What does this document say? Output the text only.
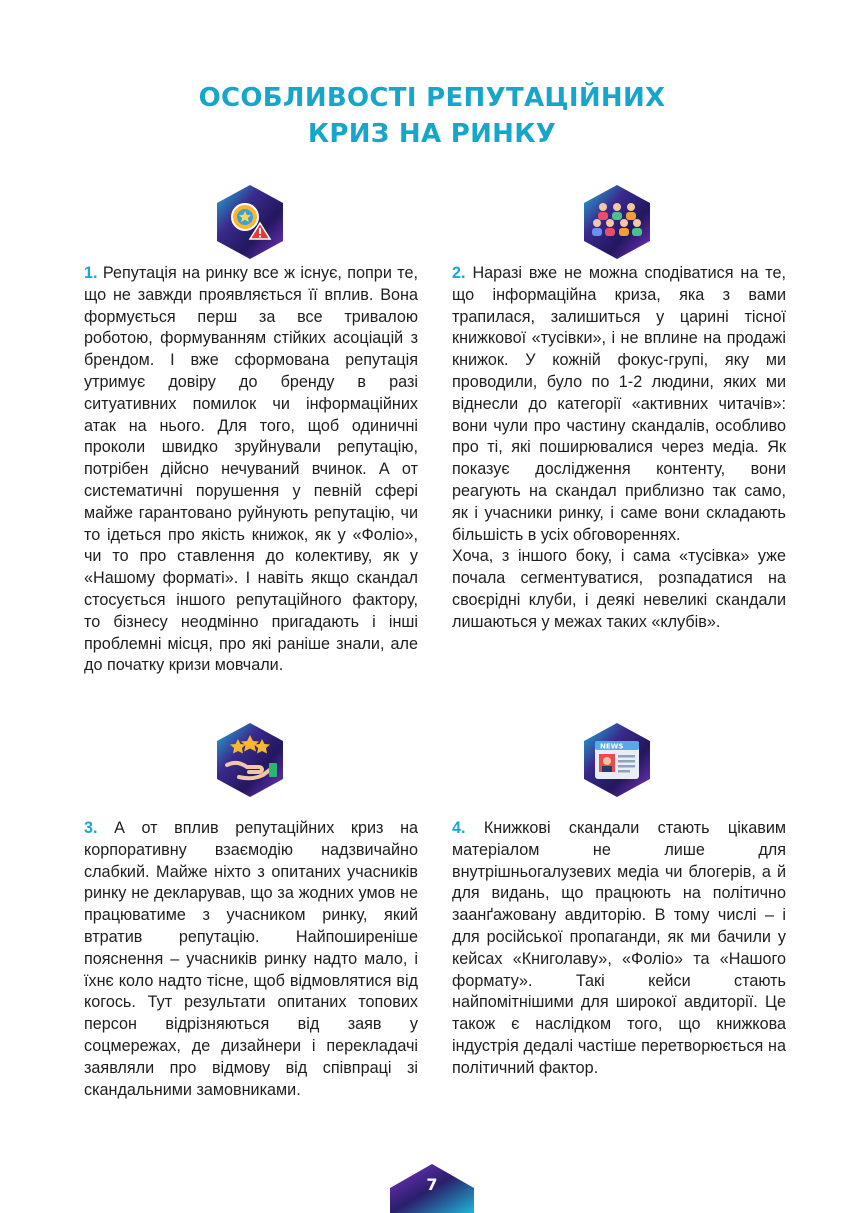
ОСОБЛИВОСТІ РЕПУТАЦІЙНИХ
КРИЗ НА РИНКУ

1. Репутація на ринку все ж існує, попри те, що не завжди проявляється її вплив. Вона формується перш за все тривалою роботою, формуванням стійких асоціацій з брендом. І вже сформована репутація утримує довіру до бренду в разі ситуативних помилок чи інформаційних атак на нього. Для того, щоб одиничні проколи швидко зруйнували репутацію, потрібен дійсно нечуваний вчинок. А от систематичні порушення у певній сфері майже гарантовано руйнують репутацію, чи то ідеться про якість книжок, як у «Фоліо», чи то про ставлення до колективу, як у «Нашому форматі». І навіть якщо скандал стосується іншого репутаційного фактору, то бізнесу неодмінно пригадають і інші проблемні місця, про які раніше знали, але до початку кризи мовчали.

2. Наразі вже не можна сподіватися на те, що інформаційна криза, яка з вами трапилася, залишиться у царині тісної книжкової «тусівки», і не вплине на продажі книжок. У кожній фокус-групі, яку ми проводили, було по 1-2 людини, яких ми віднесли до категорії «активних читачів»: вони чули про частину скандалів, особливо про ті, які поширювалися через медіа. Як показує дослідження контенту, вони реагують на скандал приблизно так само, як і учасники ринку, і саме вони складають більшість в усіх обговореннях.

Хоча, з іншого боку, і сама «тусівка» уже почала сегментуватися, розпадатися на своєрідні клуби, і деякі невеликі скандали лишаються у межах таких «клубів».

NEWS

3. А от вплив репутаційних криз на корпоративну взаємодію надзвичайно слабкий. Майже ніхто з опитаних учасників ринку не декларував, що за жодних умов не працюватиме з учасником ринку, який втратив репутацію. Найпоширеніше пояснення – учасників ринку надто мало, і їхнє коло надто тісне, щоб відмовлятися від когось. Тут результати опитаних топових персон відрізняються від заяв у соцмережах, де дизайнери і перекладачі заявляли про відмову від співпраці зі скандальними замовниками.

4. Книжкові скандали стають цікавим матеріалом не лише для внутрішньогалузевих медіа чи блогерів, а й для видань, що працюють на політично заанґажовану авдиторію. В тому числі – і для російської пропаганди, як ми бачили у кейсах «Книголаву», «Фоліо» та «Нашого формату». Такі кейси стають найпомітнішими для широкої авдиторії. Це також є наслідком того, що книжкова індустрія дедалі частіше перетворюється на політичний фактор.

7
